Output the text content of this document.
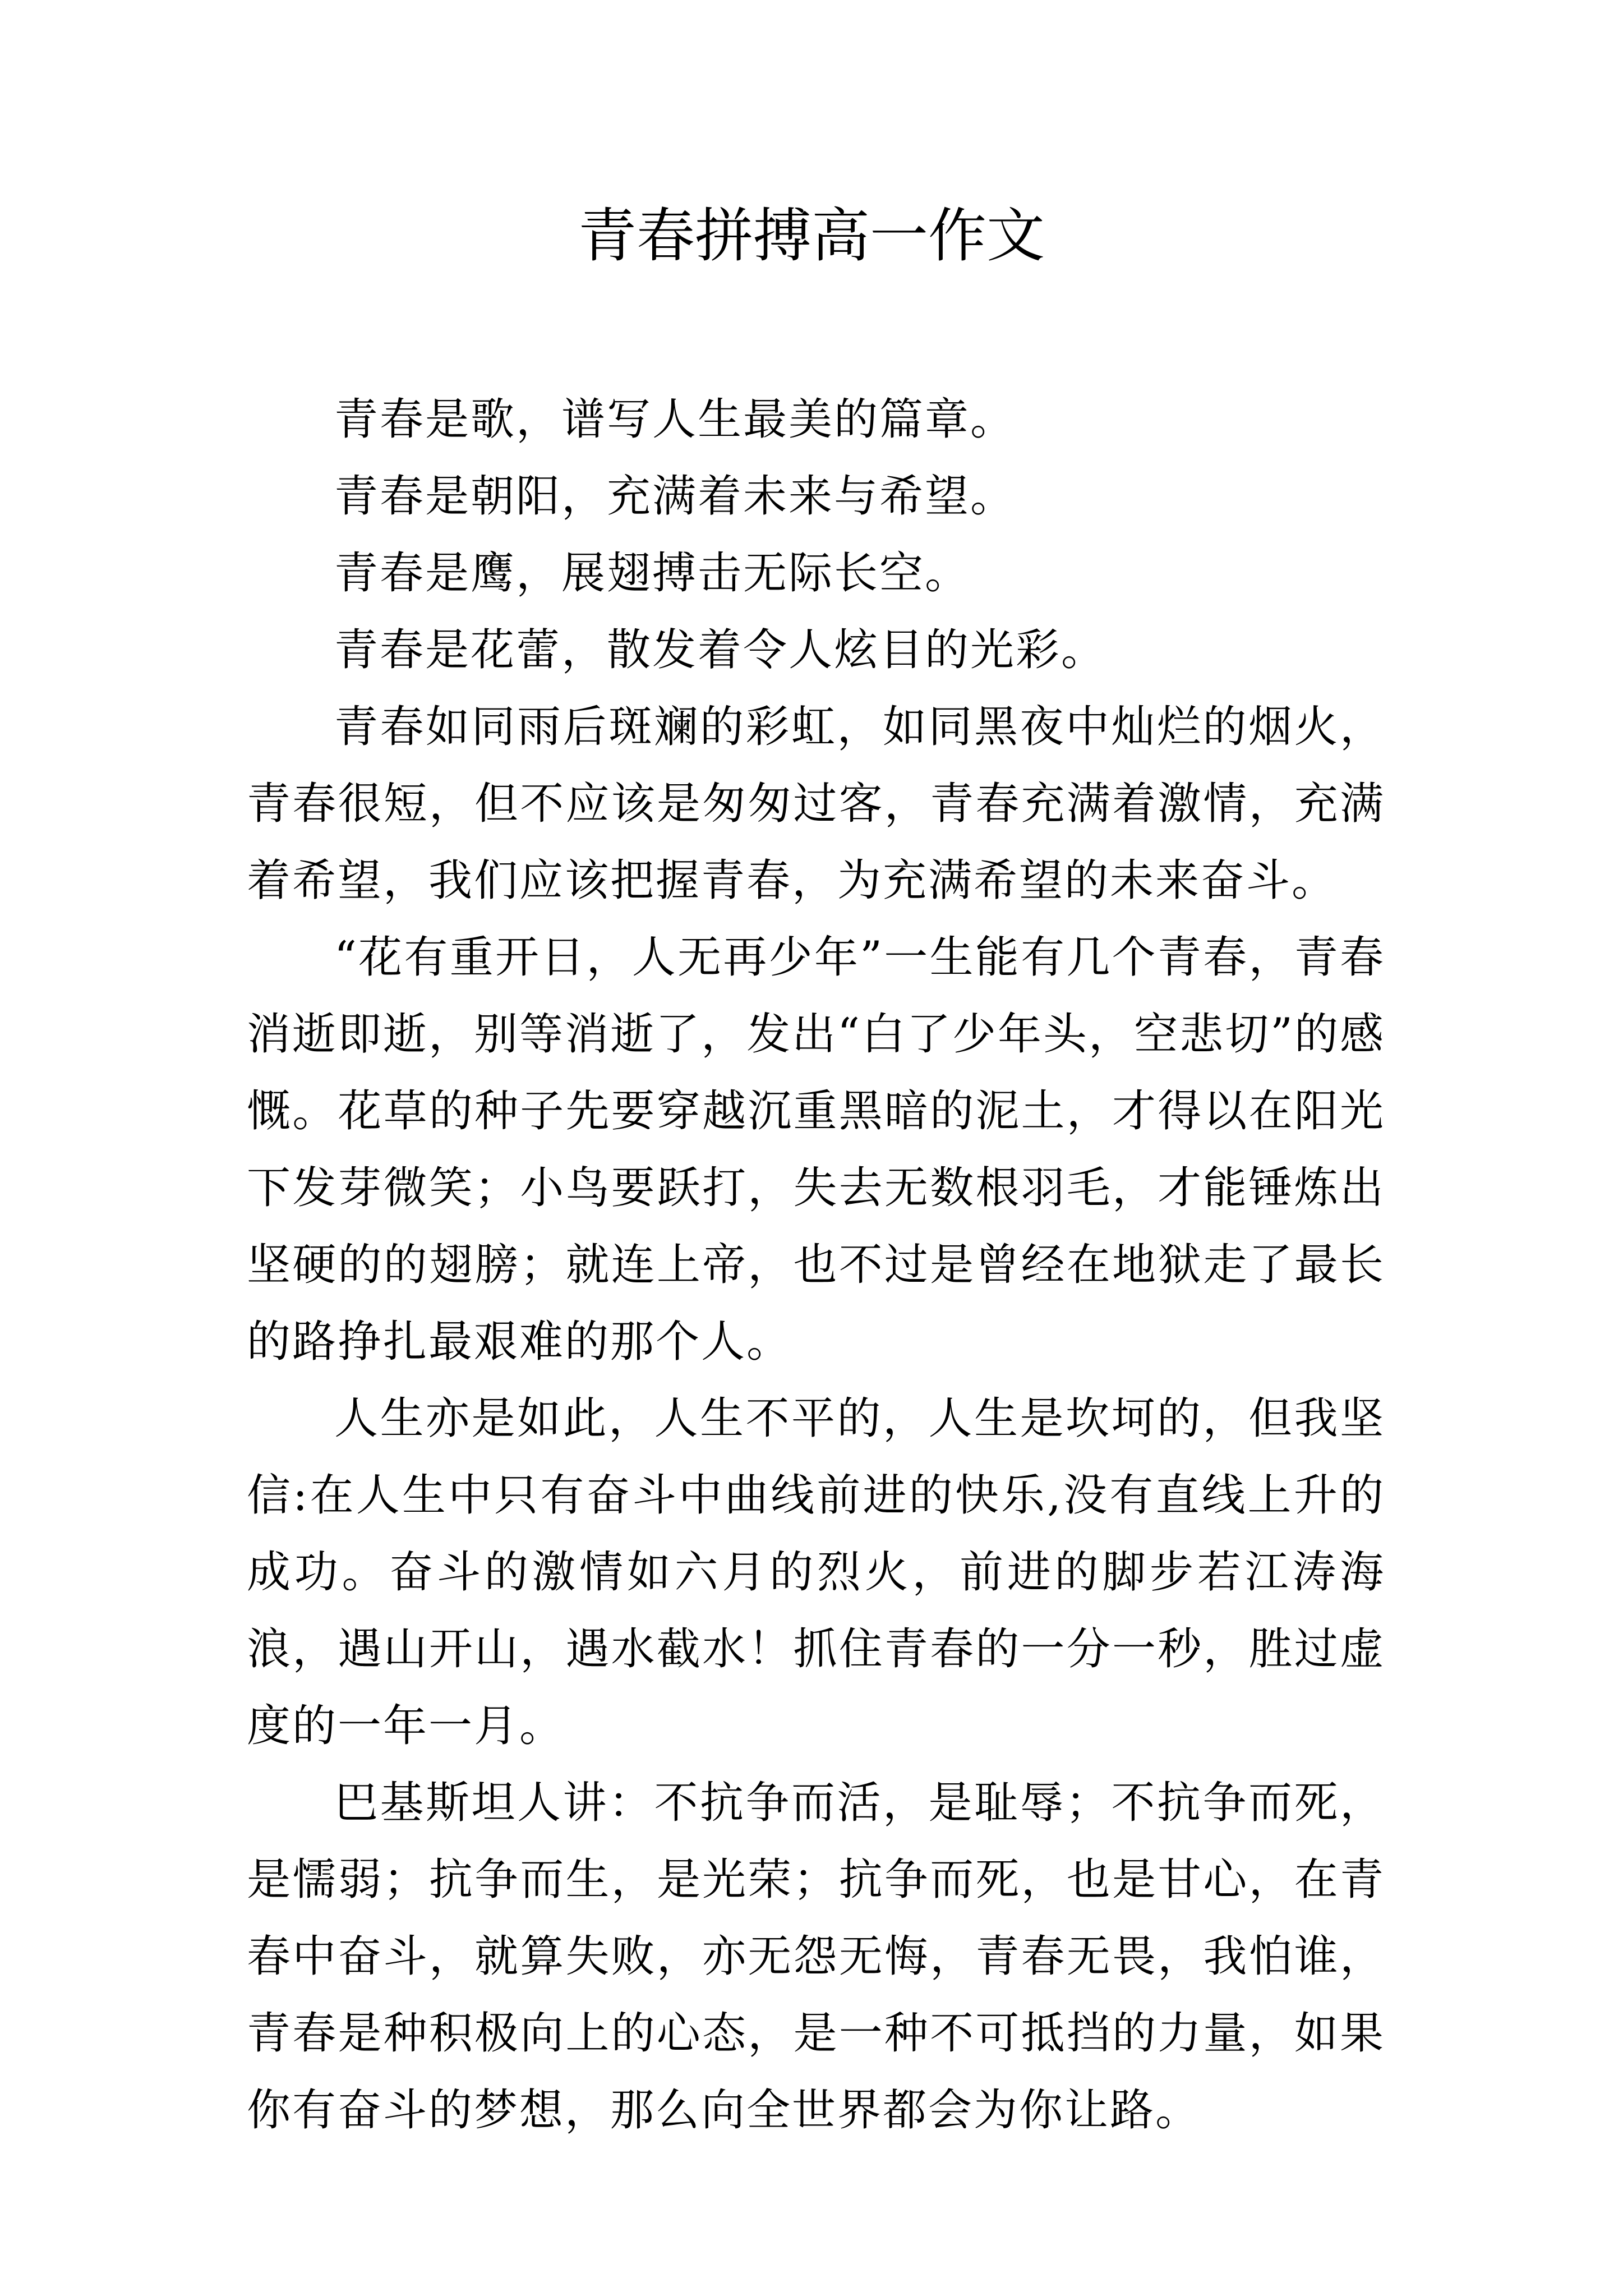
青春拼搏高一作文

青春是歌，谱写人生最美的篇章。

青春是朝阳，充满着未来与希望。

青春是鹰，展翅搏击无际长空。

青春是花蕾，散发着令人炫目的光彩。

青春如同雨后斑斓的彩虹，如同黑夜中灿烂的烟火，青春很短，但不应该是匆匆过客，青春充满着激情，充满着希望，我们应该把握青春，为充满希望的未来奋斗。

“花有重开日，人无再少年”一生能有几个青春，青春消逝即逝，别等消逝了，发出“白了少年头，空悲切”的感慨。花草的种子先要穿越沉重黑暗的泥土，才得以在阳光下发芽微笑；小鸟要跃打，失去无数根羽毛，才能锤炼出坚硬的的翅膀；就连上帝，也不过是曾经在地狱走了最长的路挣扎最艰难的那个人。

人生亦是如此，人生不平的，人生是坎坷的，但我坚信:在人生中只有奋斗中曲线前进的快乐,没有直线上升的成功。奋斗的激情如六月的烈火，前进的脚步若江涛海浪，遇山开山，遇水截水！抓住青春的一分一秒，胜过虚度的一年一月。

巴基斯坦人讲：不抗争而活，是耻辱；不抗争而死，是懦弱；抗争而生，是光荣；抗争而死，也是甘心，在青春中奋斗，就算失败，亦无怨无悔，青春无畏，我怕谁，青春是种积极向上的心态，是一种不可抵挡的力量，如果你有奋斗的梦想，那么向全世界都会为你让路。
